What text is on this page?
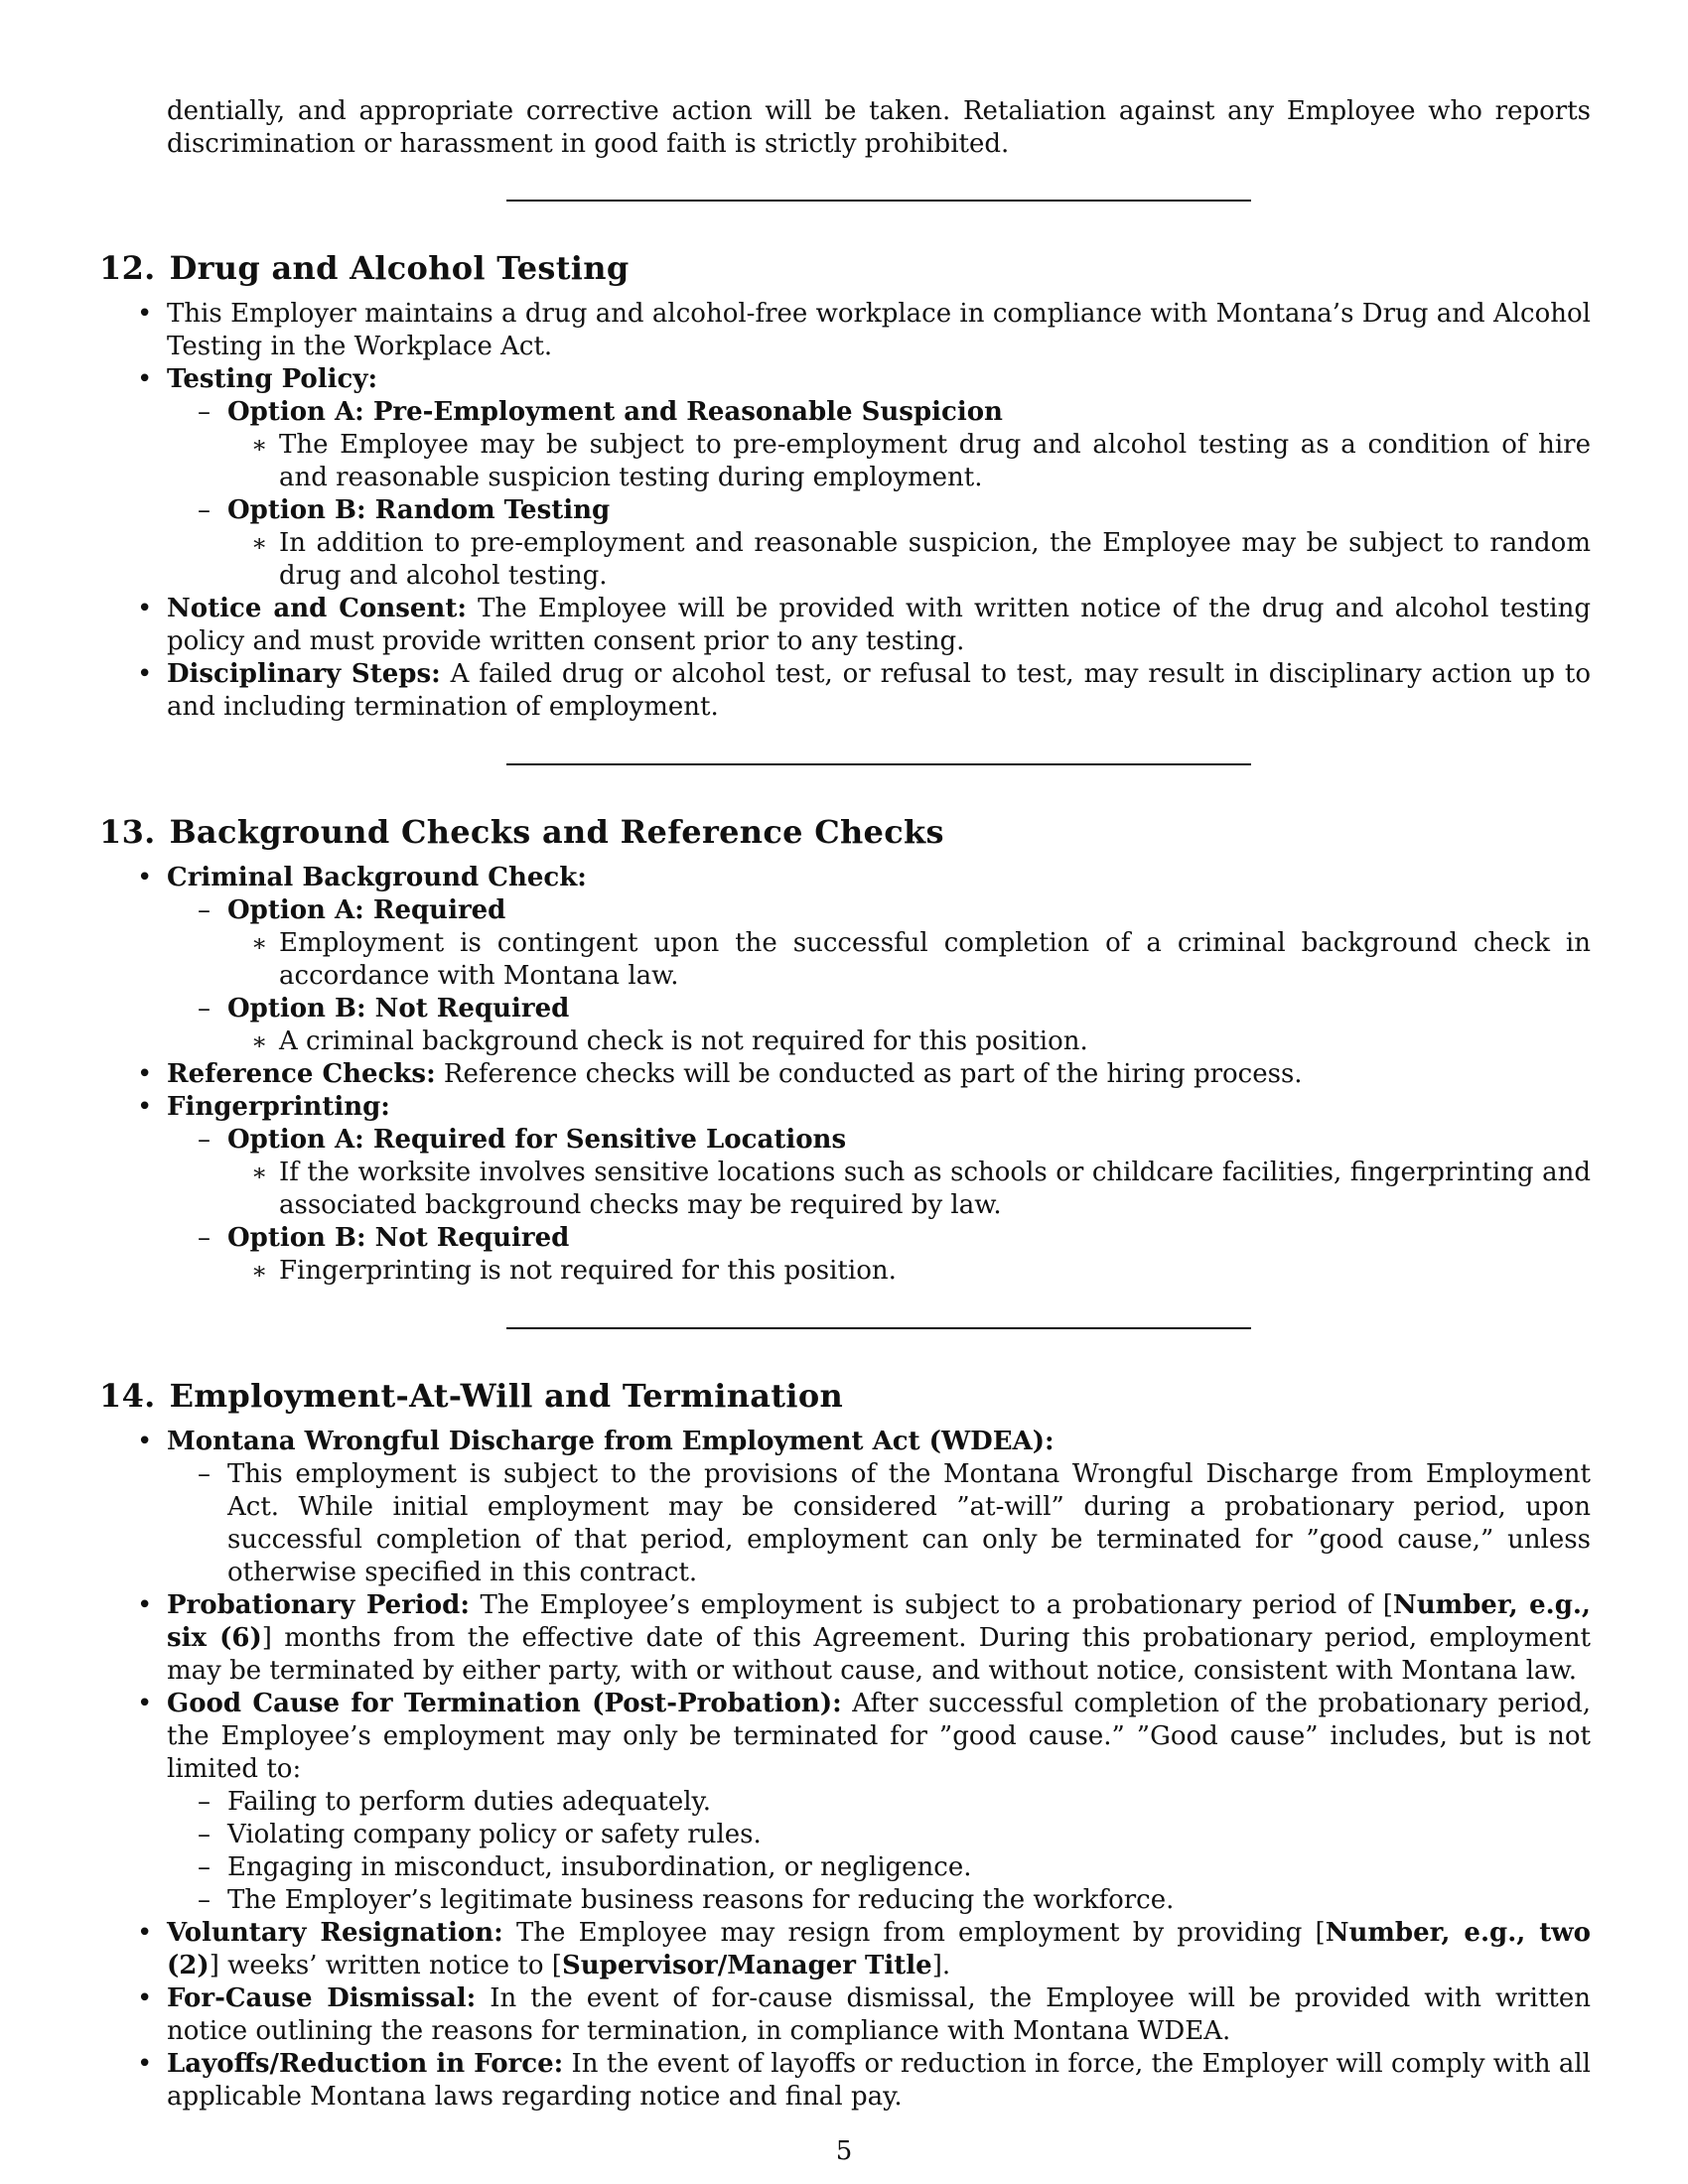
dentially, and appropriate corrective action will be taken. Retaliation against any Employee who reports discrimination or harassment in good faith is strictly prohibited.

12. Drug and Alcohol Testing
• This Employer maintains a drug and alcohol-free workplace in compliance with Montana’s Drug and Alcohol Testing in the Workplace Act.
• Testing Policy:
– Option A: Pre-Employment and Reasonable Suspicion
∗ The Employee may be subject to pre-employment drug and alcohol testing as a condition of hire and reasonable suspicion testing during employment.
– Option B: Random Testing
∗ In addition to pre-employment and reasonable suspicion, the Employee may be subject to random drug and alcohol testing.
• Notice and Consent: The Employee will be provided with written notice of the drug and alcohol testing policy and must provide written consent prior to any testing.
• Disciplinary Steps: A failed drug or alcohol test, or refusal to test, may result in disciplinary action up to and including termination of employment.
13. Background Checks and Reference Checks
• Criminal Background Check:
– Option A: Required
∗ Employment is contingent upon the successful completion of a criminal background check in accordance with Montana law.
– Option B: Not Required
∗ A criminal background check is not required for this position.
• Reference Checks: Reference checks will be conducted as part of the hiring process.
• Fingerprinting:
– Option A: Required for Sensitive Locations
∗ If the worksite involves sensitive locations such as schools or childcare facilities, fingerprinting and associated background checks may be required by law.
– Option B: Not Required
∗ Fingerprinting is not required for this position.
14. Employment-At-Will and Termination
• Montana Wrongful Discharge from Employment Act (WDEA):
– This employment is subject to the provisions of the Montana Wrongful Discharge from Employment Act. While initial employment may be considered ”at-will” during a probationary period, upon successful completion of that period, employment can only be terminated for ”good cause,” unless otherwise specified in this contract.
• Probationary Period: The Employee’s employment is subject to a probationary period of [Number, e.g., six (6)] months from the effective date of this Agreement. During this probationary period, employment may be terminated by either party, with or without cause, and without notice, consistent with Montana law.
• Good Cause for Termination (Post-Probation): After successful completion of the probationary period, the Employee’s employment may only be terminated for ”good cause.” ”Good cause” includes, but is not limited to:
– Failing to perform duties adequately.
– Violating company policy or safety rules.
– Engaging in misconduct, insubordination, or negligence.
– The Employer’s legitimate business reasons for reducing the workforce.
• Voluntary Resignation: The Employee may resign from employment by providing [Number, e.g., two (2)] weeks’ written notice to [Supervisor/Manager Title].
• For-Cause Dismissal: In the event of for-cause dismissal, the Employee will be provided with written notice outlining the reasons for termination, in compliance with Montana WDEA.
• Layoffs/Reduction in Force: In the event of layoffs or reduction in force, the Employer will comply with all applicable Montana laws regarding notice and final pay.
5
